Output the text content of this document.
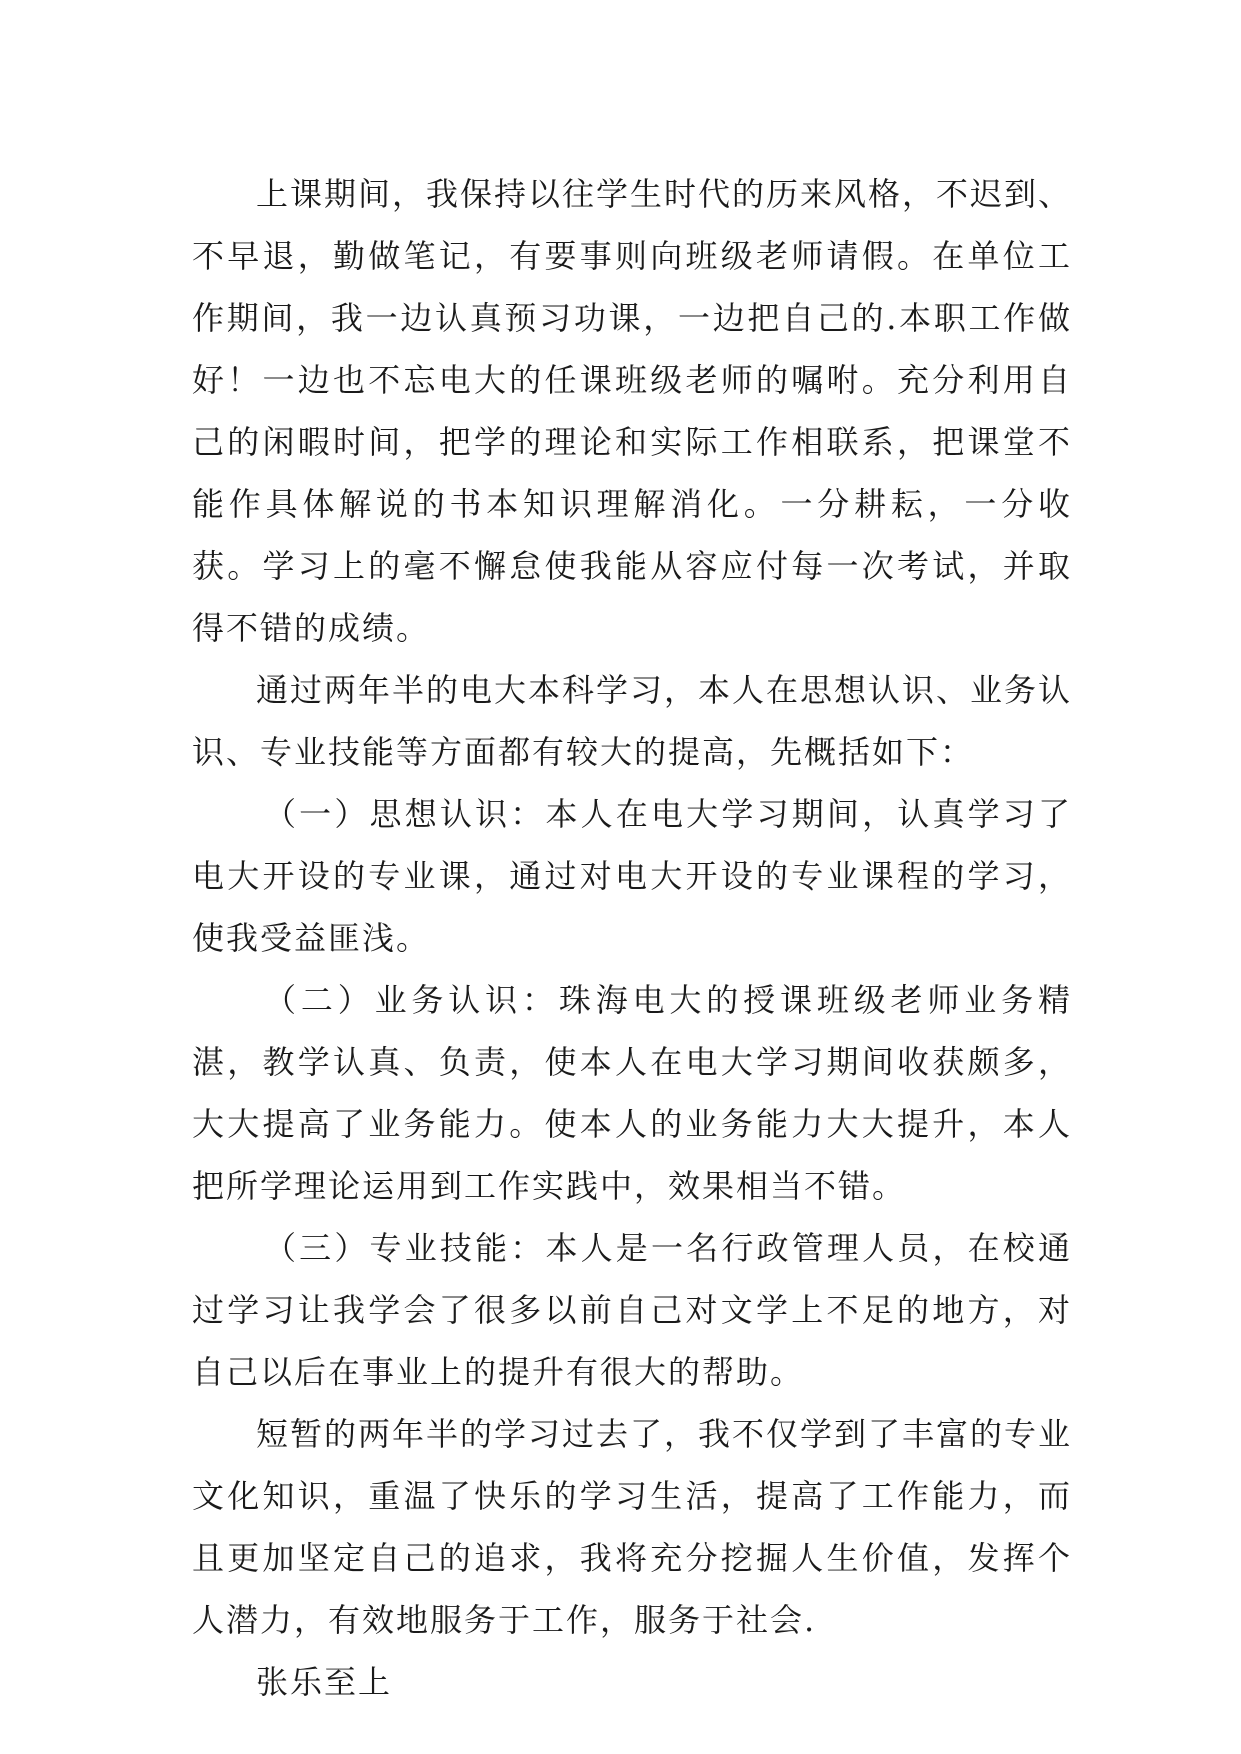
上课期间，我保持以往学生时代的历来风格，不迟到、不早退，勤做笔记，有要事则向班级老师请假。在单位工作期间，我一边认真预习功课，一边把自己的.本职工作做好！一边也不忘电大的任课班级老师的嘱咐。充分利用自己的闲暇时间，把学的理论和实际工作相联系，把课堂不能作具体解说的书本知识理解消化。一分耕耘，一分收获。学习上的毫不懈怠使我能从容应付每一次考试，并取得不错的成绩。

通过两年半的电大本科学习，本人在思想认识、业务认识、专业技能等方面都有较大的提高，先概括如下：

（一）思想认识：本人在电大学习期间，认真学习了电大开设的专业课，通过对电大开设的专业课程的学习，使我受益匪浅。

（二）业务认识：珠海电大的授课班级老师业务精湛，教学认真、负责，使本人在电大学习期间收获颇多，大大提高了业务能力。使本人的业务能力大大提升，本人把所学理论运用到工作实践中，效果相当不错。

（三）专业技能：本人是一名行政管理人员，在校通过学习让我学会了很多以前自己对文学上不足的地方，对自己以后在事业上的提升有很大的帮助。

短暂的两年半的学习过去了，我不仅学到了丰富的专业文化知识，重温了快乐的学习生活，提高了工作能力，而且更加坚定自己的追求，我将充分挖掘人生价值，发挥个人潜力，有效地服务于工作，服务于社会.

张乐至上
